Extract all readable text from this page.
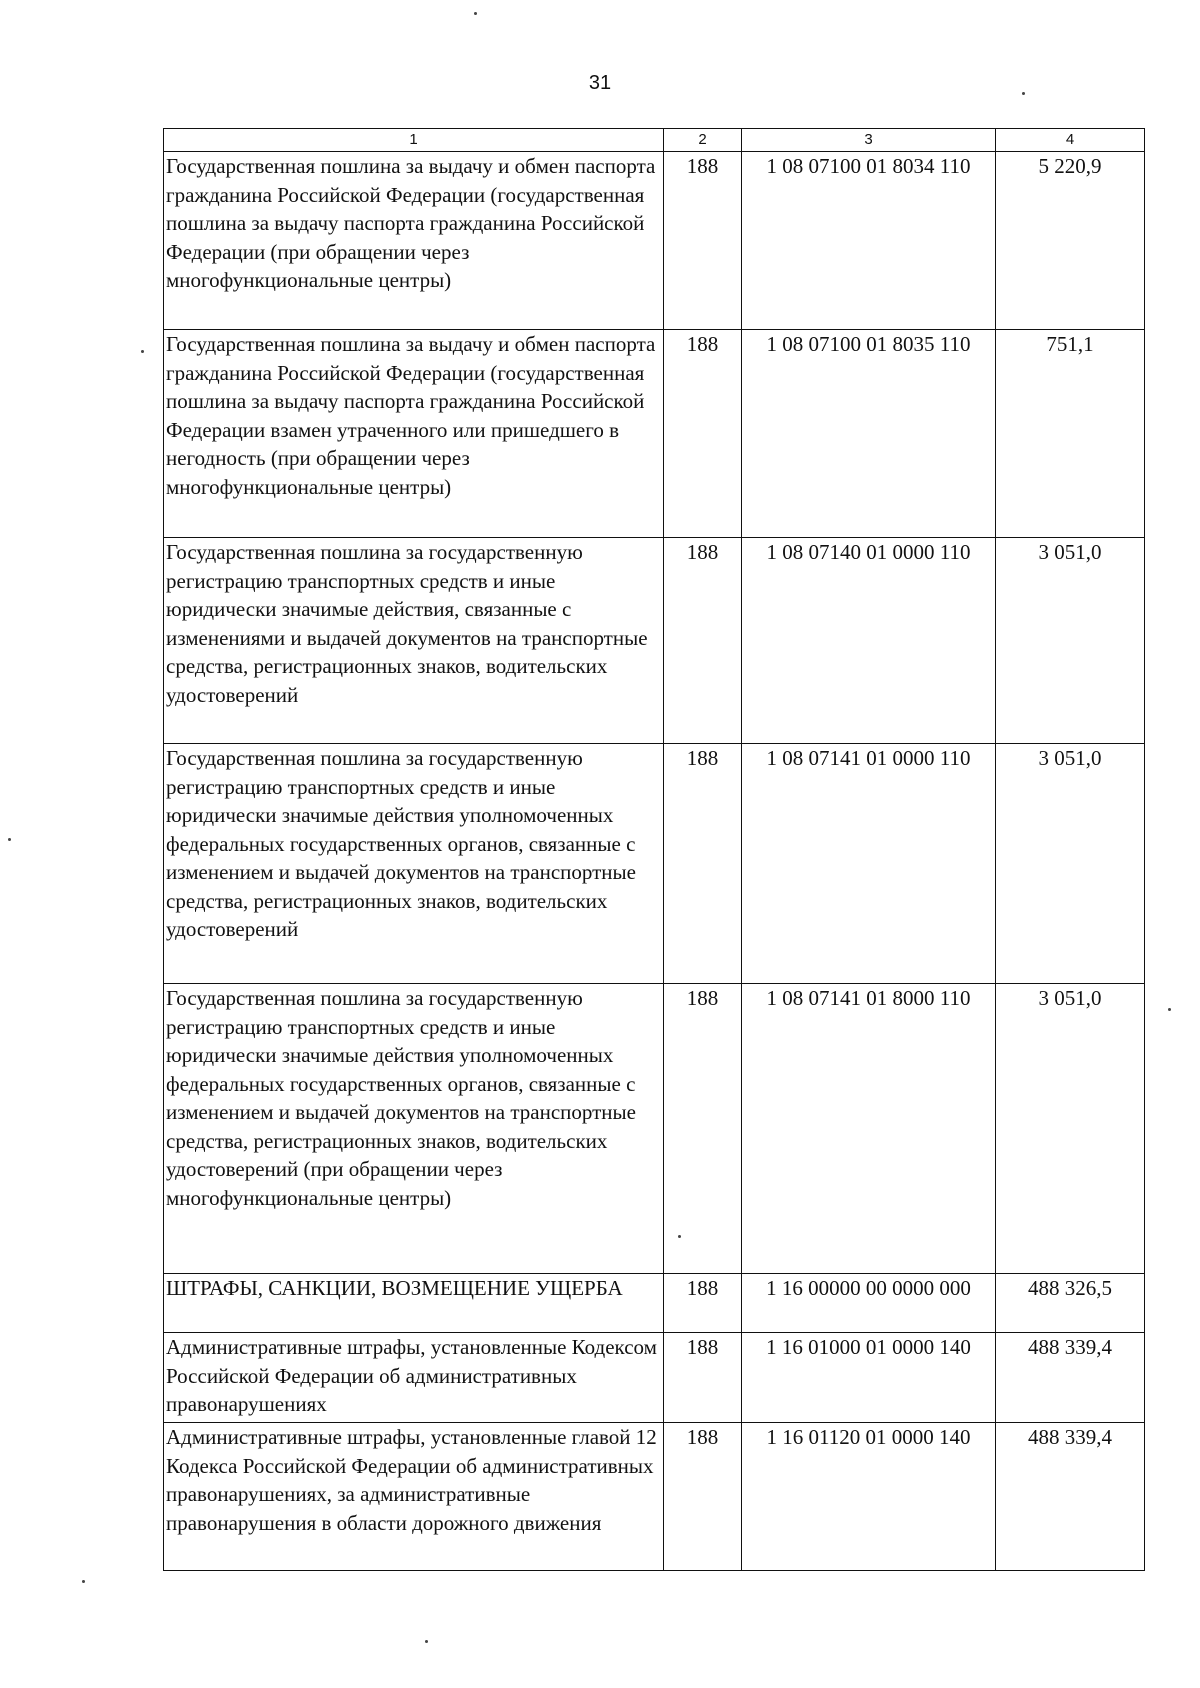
31
1	2	3	4
Государственная пошлина за выдачу и обмен паспорта гражданина Российской Федерации (государственная пошлина за выдачу паспорта гражданина Российской Федерации (при обращении через многофункциональные центры)	188	1 08 07100 01 8034 110	5 220,9
Государственная пошлина за выдачу и обмен паспорта гражданина Российской Федерации (государственная пошлина за выдачу паспорта гражданина Российской Федерации взамен утраченного или пришедшего в негодность (при обращении через многофункциональные центры)	188	1 08 07100 01 8035 110	751,1
Государственная пошлина за государственную регистрацию транспортных средств и иные юридически значимые действия, связанные с изменениями и выдачей документов на транспортные средства, регистрационных знаков, водительских удостоверений	188	1 08 07140 01 0000 110	3 051,0
Государственная пошлина за государственную регистрацию транспортных средств и иные юридически значимые действия уполномоченных федеральных государственных органов, связанные с изменением и выдачей документов на транспортные средства, регистрационных знаков, водительских удостоверений	188	1 08 07141 01 0000 110	3 051,0
Государственная пошлина за государственную регистрацию транспортных средств и иные юридически значимые действия уполномоченных федеральных государственных органов, связанные с изменением и выдачей документов на транспортные средства, регистрационных знаков, водительских удостоверений (при обращении через многофункциональные центры)	188	1 08 07141 01 8000 110	3 051,0
ШТРАФЫ, САНКЦИИ, ВОЗМЕЩЕНИЕ УЩЕРБА	188	1 16 00000 00 0000 000	488 326,5
Административные штрафы, установленные Кодексом Российской Федерации об административных правонарушениях	188	1 16 01000 01 0000 140	488 339,4
Административные штрафы, установленные главой 12 Кодекса Российской Федерации об административных правонарушениях, за административные правонарушения в области дорожного движения	188	1 16 01120 01 0000 140	488 339,4
